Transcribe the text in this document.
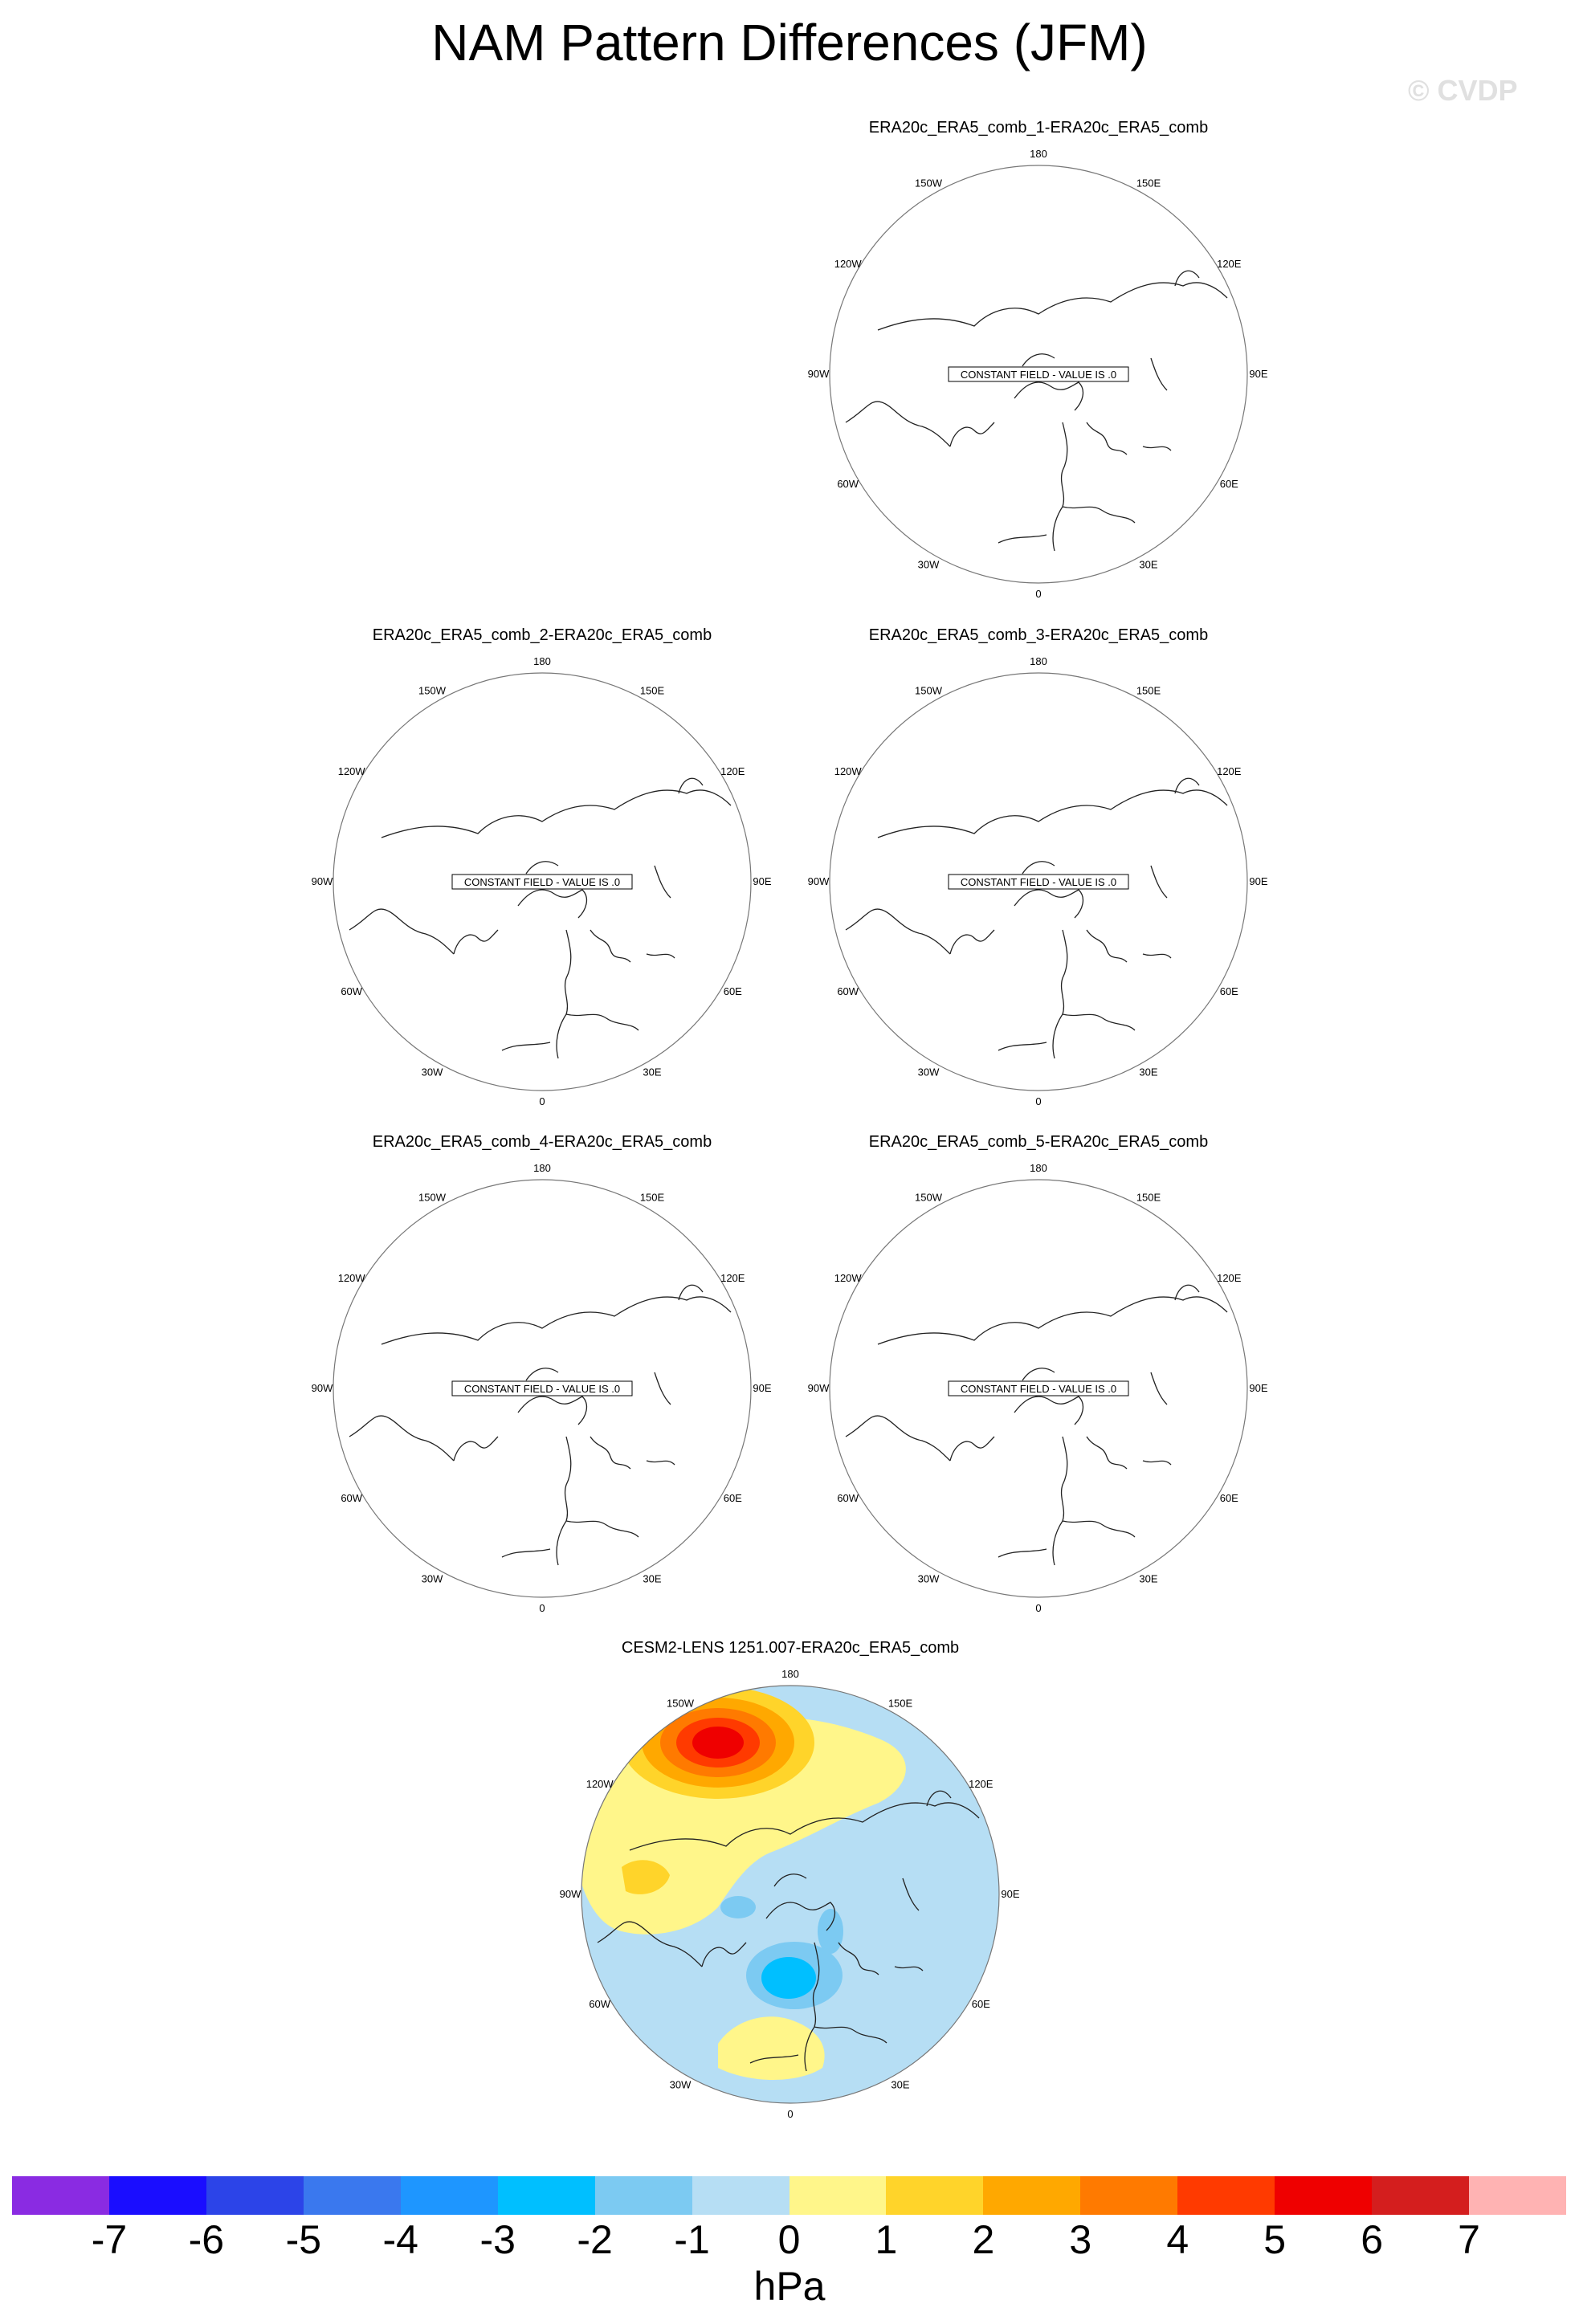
NAM Pattern Differences (JFM)
© CVDP
ERA20c_ERA5_comb_1-ERA20c_ERA5_comb
180
150E
120E
90E
60E
30E
0
30W
60W
90W
120W
150W
CONSTANT FIELD - VALUE IS .0
ERA20c_ERA5_comb_2-ERA20c_ERA5_comb
180
150E
120E
90E
60E
30E
0
30W
60W
90W
120W
150W
CONSTANT FIELD - VALUE IS .0
ERA20c_ERA5_comb_3-ERA20c_ERA5_comb
180
150E
120E
90E
60E
30E
0
30W
60W
90W
120W
150W
CONSTANT FIELD - VALUE IS .0
ERA20c_ERA5_comb_4-ERA20c_ERA5_comb
180
150E
120E
90E
60E
30E
0
30W
60W
90W
120W
150W
CONSTANT FIELD - VALUE IS .0
ERA20c_ERA5_comb_5-ERA20c_ERA5_comb
180
150E
120E
90E
60E
30E
0
30W
60W
90W
120W
150W
CONSTANT FIELD - VALUE IS .0
CESM2-LENS 1251.007-ERA20c_ERA5_comb
180
150E
120E
90E
60E
30E
0
30W
60W
90W
120W
150W
-7	-6	-5	-4	-3	-2	-1	0	1	2	3	4	5	6	7
hPa
